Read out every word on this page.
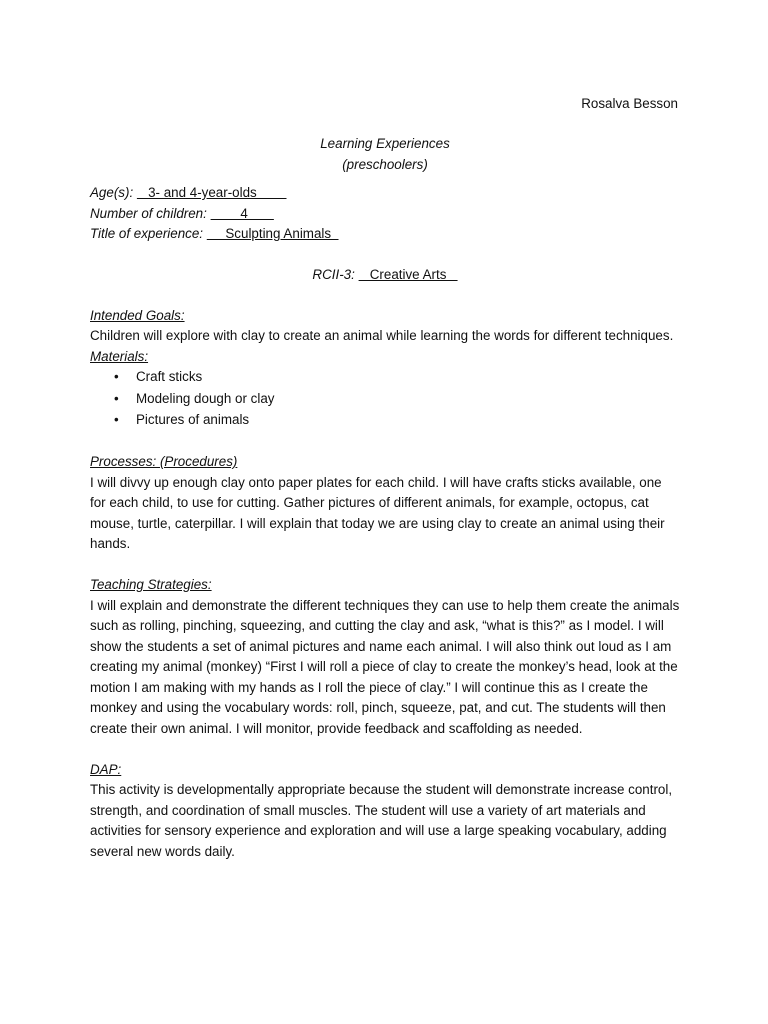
Rosalva Besson
Learning Experiences
(preschoolers)
Age(s):    3- and 4-year-olds
Number of children:         4
Title of experience:      Sculpting Animals
RCII-3:    Creative Arts
Intended Goals:

Children will explore with clay to create an animal while learning the words for different techniques.

Materials:
• Craft sticks
• Modeling dough or clay
• Pictures of animals
Processes: (Procedures)

I will divvy up enough clay onto paper plates for each child. I will have crafts sticks available, one for each child, to use for cutting. Gather pictures of different animals, for example, octopus, cat mouse, turtle, caterpillar. I will explain that today we are using clay to create an animal using their hands.

Teaching Strategies:

I will explain and demonstrate the different techniques they can use to help them create the animals such as rolling, pinching, squeezing, and cutting the clay and ask, “what is this?” as I model. I will show the students a set of animal pictures and name each animal. I will also think out loud as I am creating my animal (monkey) “First I will roll a piece of clay to create the monkey’s head, look at the motion I am making with my hands as I roll the piece of clay.” I will continue this as I create the monkey and using the vocabulary words: roll, pinch, squeeze, pat, and cut. The students will then create their own animal. I will monitor, provide feedback and scaffolding as needed.

DAP:

This activity is developmentally appropriate because the student will demonstrate increase control, strength, and coordination of small muscles. The student will use a variety of art materials and activities for sensory experience and exploration and will use a large speaking vocabulary, adding several new words daily.
